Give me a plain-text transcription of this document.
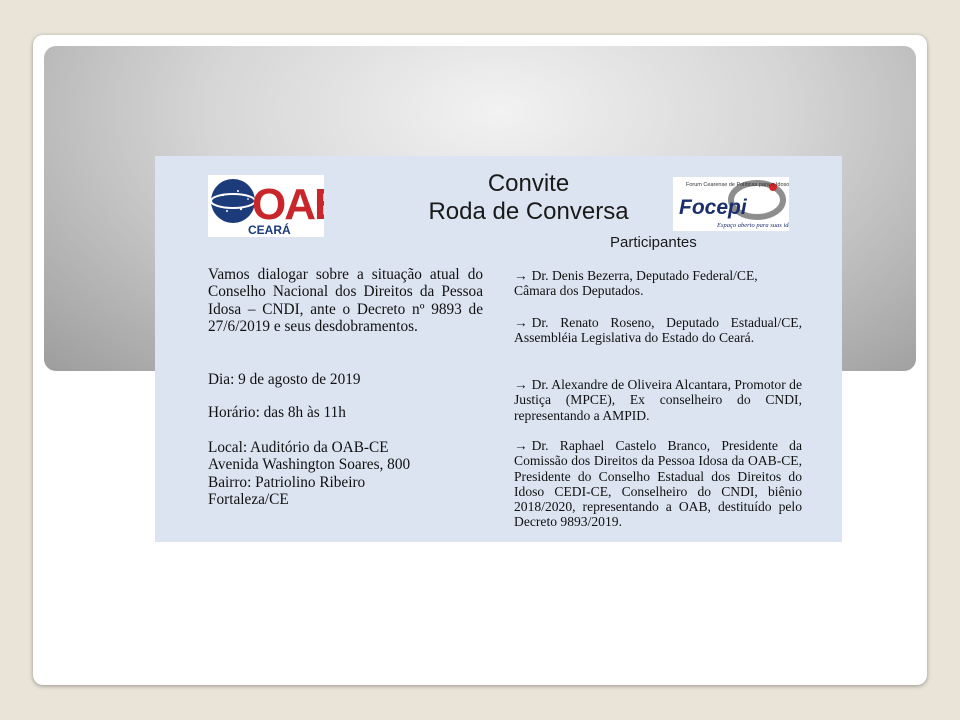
OA
CEARÁ
Convite
Roda de Conversa
Forum Cearense de Políticas para o Idoso
Focepi
Espaço aberto para suas id
Participantes
Vamos dialogar sobre a situação atual do Conselho Nacional dos Direitos da Pessoa Idosa – CNDI, ante o Decreto nº 9893 de 27/6/2019 e seus desdobramentos.
Dia: 9 de agosto de 2019
Horário: das 8h às 11h
Local: Auditório da OAB-CE
Avenida Washington Soares, 800
Bairro: Patriolino Ribeiro
Fortaleza/CE
→ Dr. Denis Bezerra, Deputado Federal/CE,
Câmara dos Deputados.
→ Dr. Renato Roseno, Deputado Estadual/CE,
Assembléia Legislativa do Estado do Ceará.
→ Dr. Alexandre de Oliveira Alcantara, Promotor de Justiça (MPCE), Ex conselheiro do CNDI, representando a AMPID.
→ Dr. Raphael Castelo Branco, Presidente da Comissão dos Direitos da Pessoa Idosa da OAB-CE, Presidente do Conselho Estadual dos Direitos do Idoso CEDI-CE, Conselheiro do CNDI, biênio 2018/2020, representando a OAB, destituído pelo Decreto 9893/2019.
